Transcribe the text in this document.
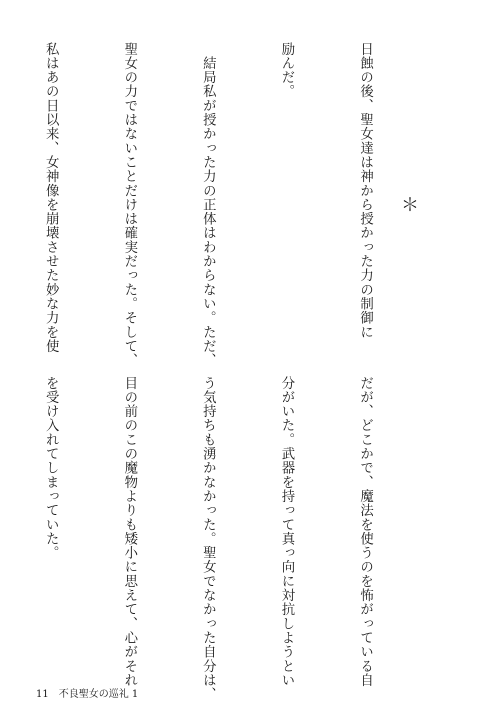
日蝕の後、聖女達は神から授かった力の制御に

励んだ。

　結局私が授かった力の正体はわからない。ただ、

聖女の力ではないことだけは確実だった。そして、

私はあの日以来、女神像を崩壊させた妙な力を使

	＊

だが、どこかで、魔法を使うのを怖がっている自

分がいた。武器を持って真っ向に対抗しようとい

う気持ちも湧かなかった。聖女でなかった自分は、

目の前のこの魔物よりも矮小に思えて、心がそれ

を受け入れてしまっていた。

11 不良聖女の巡礼 1
